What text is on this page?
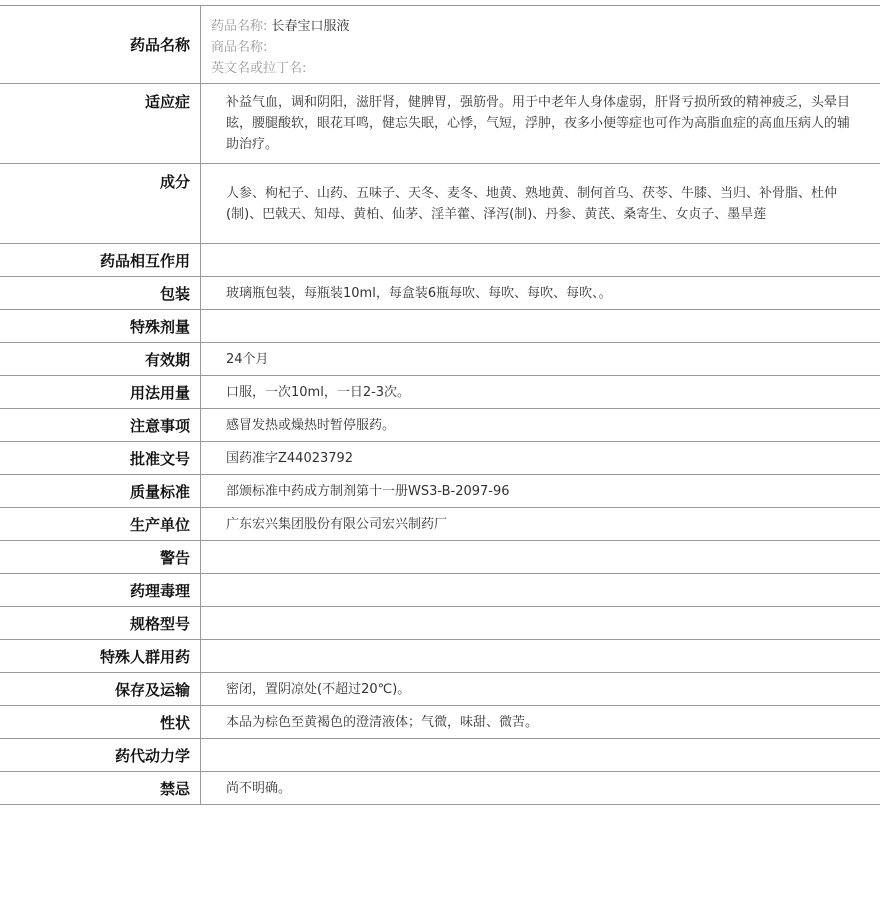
药品名称	药品名称: 长春宝口服液
商品名称:
英文名或拉丁名:

适应症	补益气血，调和阴阳，滋肝肾，健脾胃，强筋骨。用于中老年人身体虚弱，肝肾亏损所致的精神疲乏，头晕目眩，腰腿酸软，眼花耳鸣，健忘失眠，心悸，气短，浮肿，夜多小便等症也可作为高脂血症的高血压病人的辅助治疗。
成分	人参、枸杞子、山药、五味子、天冬、麦冬、地黄、熟地黄、制何首乌、茯苓、牛膝、当归、补骨脂、杜仲(制)、巴戟天、知母、黄柏、仙茅、淫羊藿、泽泻(制)、丹参、黄芪、桑寄生、女贞子、墨旱莲
药品相互作用	
包装	玻璃瓶包装，每瓶装10ml，每盒装6瓶每吹、每吹、每吹、每吹、。
特殊剂量	
有效期	24个月
用法用量	口服，一次10ml，一日2-3次。
注意事项	感冒发热或燥热时暂停服药。
批准文号	国药准字Z44023792
质量标准	部颁标准中药成方制剂第十一册WS3-B-2097-96
生产单位	广东宏兴集团股份有限公司宏兴制药厂
警告	
药理毒理	
规格型号	
特殊人群用药	
保存及运输	密闭，置阴凉处(不超过20℃)。
性状	本品为棕色至黄褐色的澄清液体；气微，味甜、微苦。
药代动力学	
禁忌	尚不明确。
